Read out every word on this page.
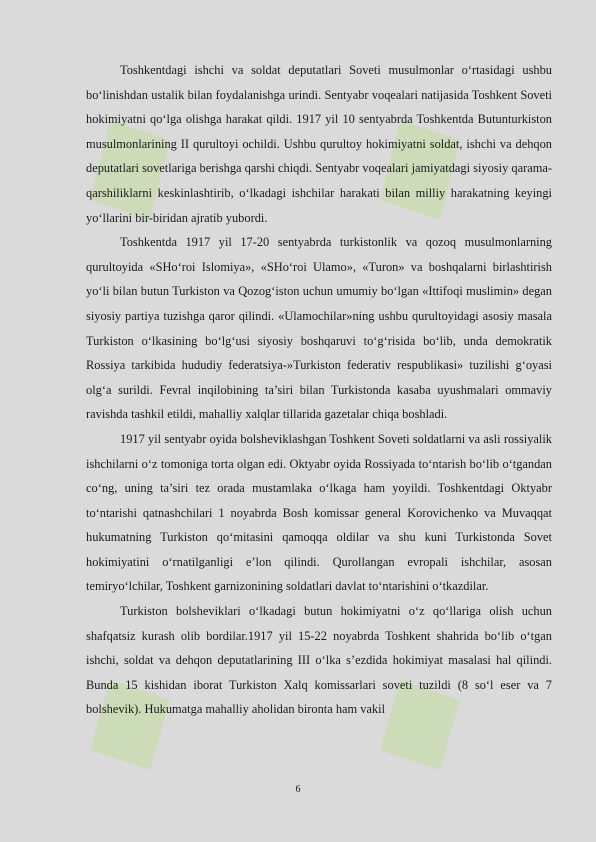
Toshkentdagi ishchi va soldat deputatlari Soveti musulmonlar o‘rtasidagi ushbu bo‘linishdan ustalik bilan foydalanishga urindi. Sentyabr voqealari natijasida Toshkent Soveti hokimiyatni qo‘lga olishga harakat qildi. 1917 yil 10 sentyabrda Toshkentda Butunturkiston musulmonlarining II qurultoyi ochildi. Ushbu qurultoy hokimiyatni soldat, ishchi va dehqon deputatlari sovetlariga berishga qarshi chiqdi. Sentyabr voqealari jamiyatdagi siyosiy qarama-qarshiliklarni keskinlashtirib, o‘lkadagi ishchilar harakati bilan milliy harakatning keyingi yo‘llarini bir-biridan ajratib yubordi.

Toshkentda 1917 yil 17-20 sentyabrda turkistonlik va qozoq musulmonlarning qurultoyida «SHo‘roi Islomiya», «SHo‘roi Ulamo», «Turon» va boshqalarni birlashtirish yo‘li bilan butun Turkiston va Qozog‘iston uchun umumiy bo‘lgan «Ittifoqi muslimin» degan siyosiy partiya tuzishga qaror qilindi. «Ulamochilar»ning ushbu qurultoyidagi asosiy masala Turkiston o‘lkasining bo‘lg‘usi siyosiy boshqaruvi to‘g‘risida bo‘lib, unda demokratik Rossiya tarkibida hududiy federatsiya-»Turkiston federativ respublikasi» tuzilishi g‘oyasi olg‘a surildi. Fevral inqilobining ta’siri bilan Turkistonda kasaba uyushmalari ommaviy ravishda tashkil etildi, mahalliy xalqlar tillarida gazetalar chiqa boshladi.

1917 yil sentyabr oyida bolsheviklashgan Toshkent Soveti soldatlarni va asli rossiyalik ishchilarni o‘z tomoniga torta olgan edi. Oktyabr oyida Rossiyada to‘ntarish bo‘lib o‘tgandan co‘ng, uning ta’siri tez orada mustamlaka o‘lkaga ham yoyildi. Toshkentdagi Oktyabr to‘ntarishi qatnashchilari 1 noyabrda Bosh komissar general Korovichenko va Muvaqqat hukumatning Turkiston qo‘mitasini qamoqqa oldilar va shu kuni Turkistonda Sovet hokimiyatini o‘rnatilganligi e’lon qilindi. Qurollangan evropali ishchilar, asosan temiryo‘lchilar, Toshkent garnizonining soldatlari davlat to‘ntarishini o‘tkazdilar.

Turkiston bolsheviklari o‘lkadagi butun hokimiyatni o‘z qo‘llariga olish uchun shafqatsiz kurash olib bordilar.1917 yil 15-22 noyabrda Toshkent shahrida bo‘lib o‘tgan ishchi, soldat va dehqon deputatlarining III o‘lka s’ezdida hokimiyat masalasi hal qilindi. Bunda 15 kishidan iborat Turkiston Xalq komissarlari soveti tuzildi (8 so‘l eser va 7 bolshevik). Hukumatga mahalliy aholidan bironta ham vakil

6
